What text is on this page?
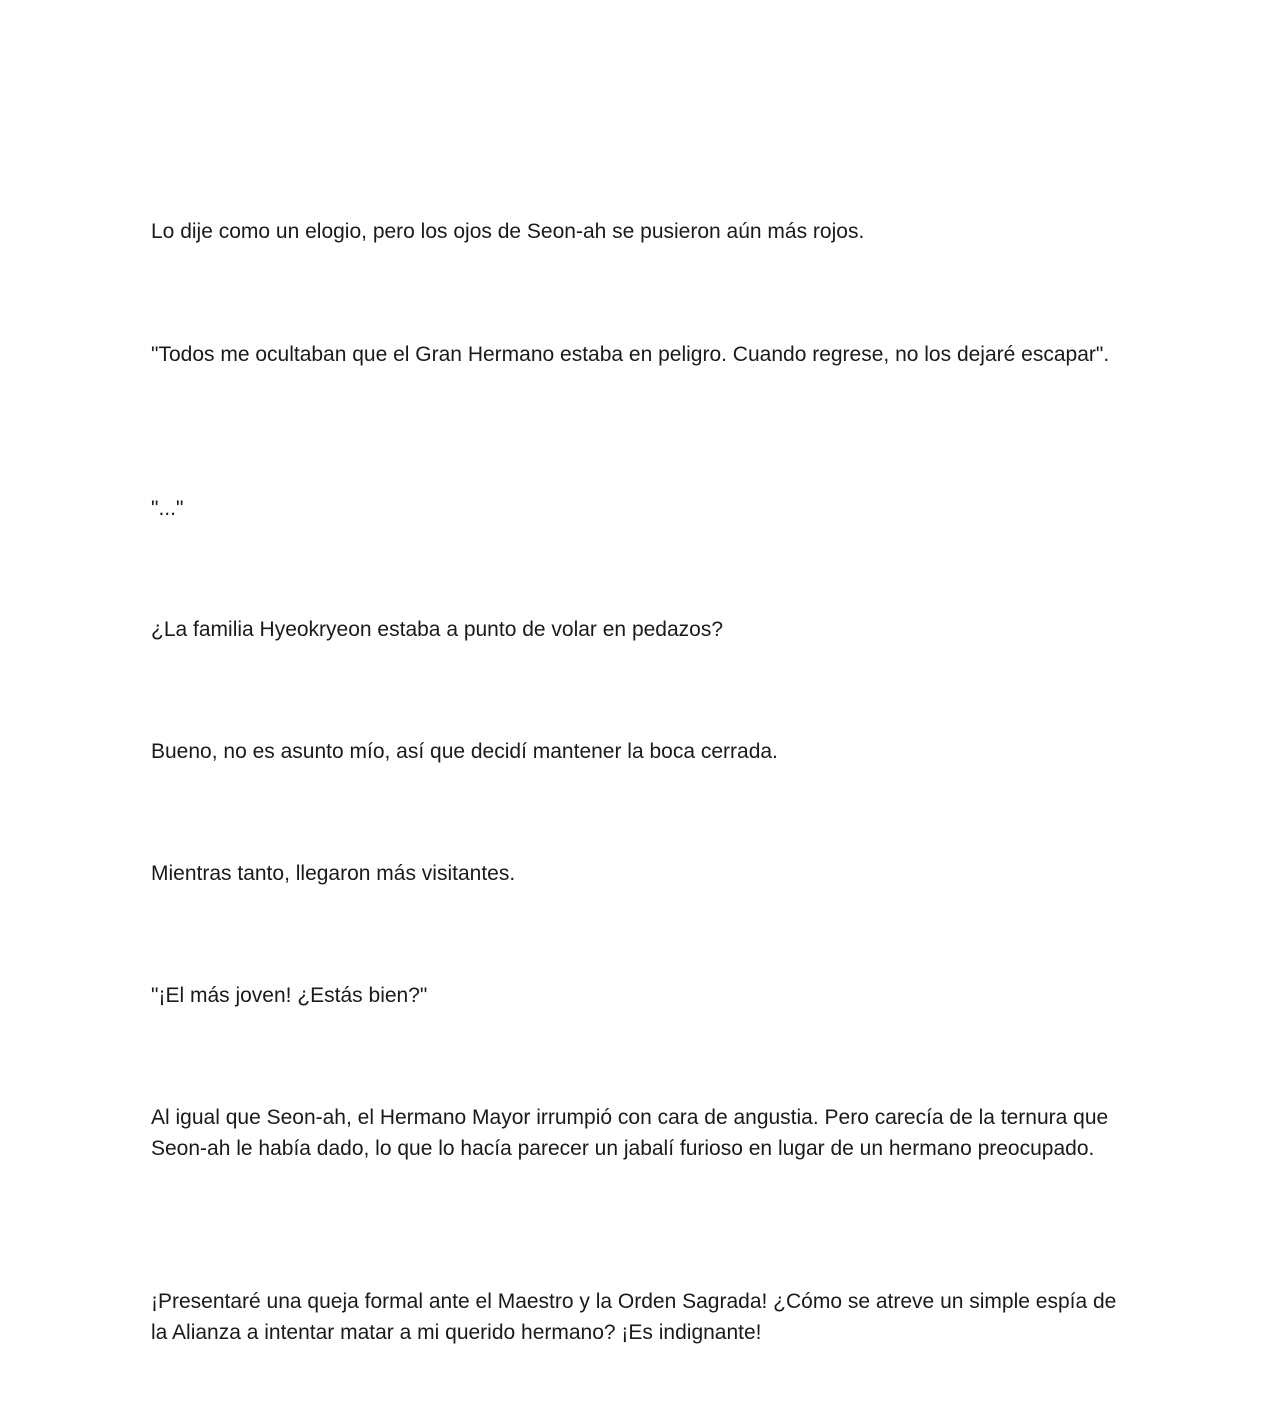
Lo dije como un elogio, pero los ojos de Seon-ah se pusieron aún más rojos.

"Todos me ocultaban que el Gran Hermano estaba en peligro. Cuando regrese, no los dejaré escapar".

"..."

¿La familia Hyeokryeon estaba a punto de volar en pedazos?

Bueno, no es asunto mío, así que decidí mantener la boca cerrada.

Mientras tanto, llegaron más visitantes.

"¡El más joven! ¿Estás bien?"

Al igual que Seon-ah, el Hermano Mayor irrumpió con cara de angustia. Pero carecía de la ternura que Seon-ah le había dado, lo que lo hacía parecer un jabalí furioso en lugar de un hermano preocupado.

¡Presentaré una queja formal ante el Maestro y la Orden Sagrada! ¿Cómo se atreve un simple espía de la Alianza a intentar matar a mi querido hermano? ¡Es indignante!
